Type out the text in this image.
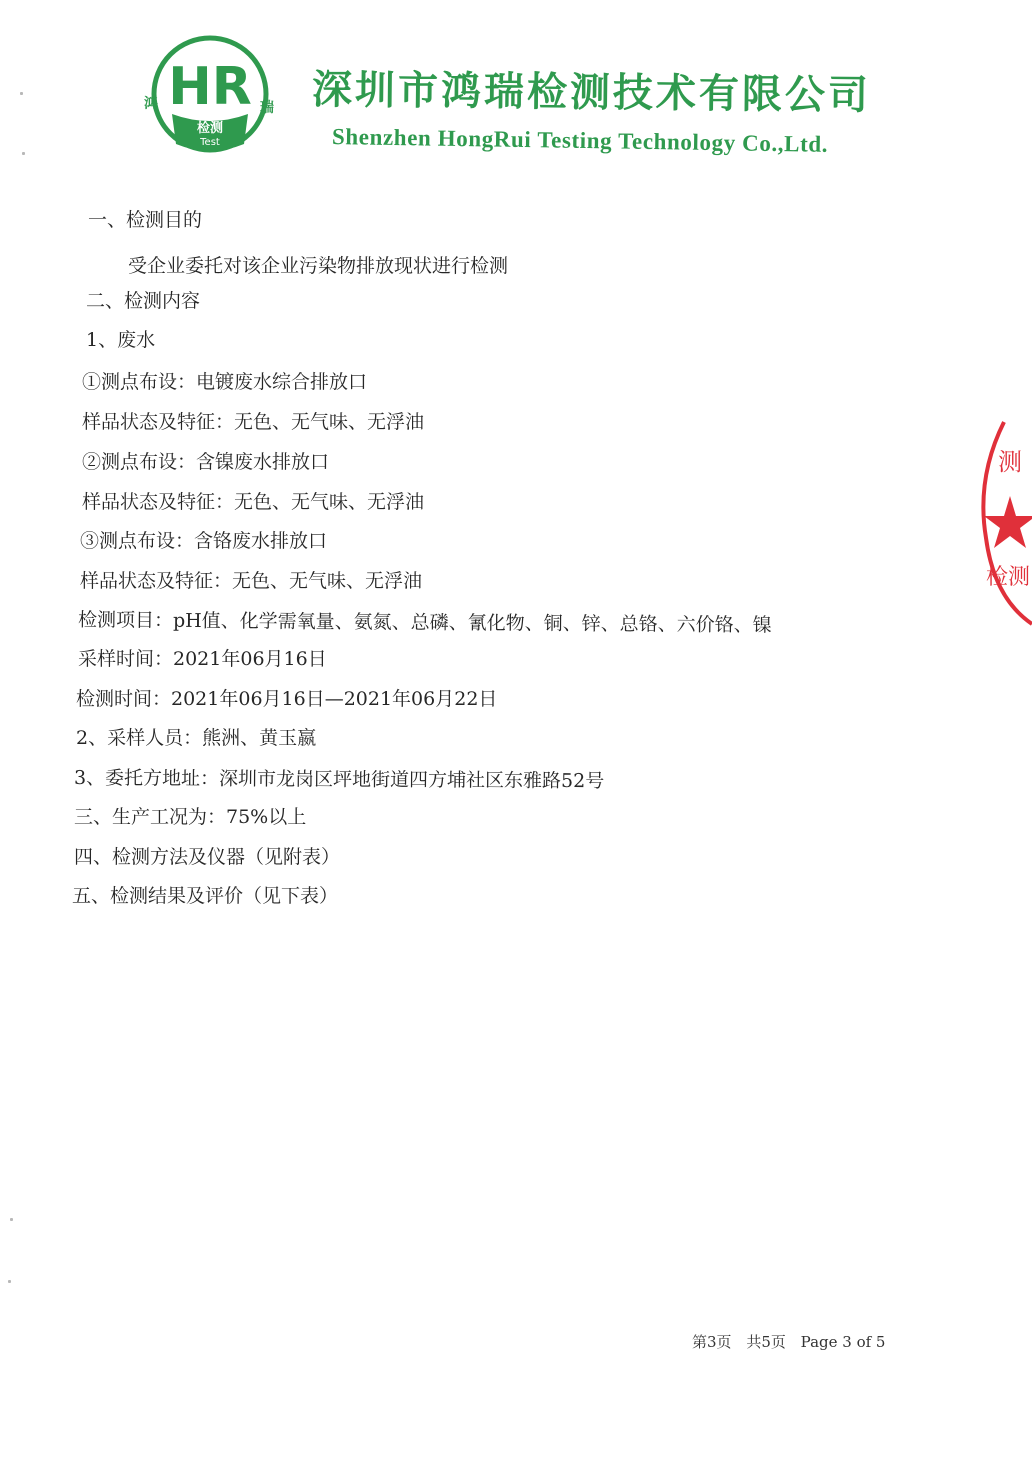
HR
检测
Test
鸿	瑞 深圳市鸿瑞检测技术有限公司
Shenzhen HongRui Testing Technology Co.,Ltd.
一、检测目的
受企业委托对该企业污染物排放现状进行检测
二、检测内容
1、废水
①测点布设：电镀废水综合排放口
样品状态及特征：无色、无气味、无浮油
②测点布设：含镍废水排放口
样品状态及特征：无色、无气味、无浮油
③测点布设：含铬废水排放口
样品状态及特征：无色、无气味、无浮油
检测项目：pH值、化学需氧量、氨氮、总磷、氰化物、铜、锌、总铬、六价铬、镍
采样时间：2021年06月16日
检测时间：2021年06月16日—2021年06月22日
2、采样人员：熊洲、黄玉嬴
3、委托方地址：深圳市龙岗区坪地街道四方埔社区东雅路52号
三、生产工况为：75%以上
四、检测方法及仪器（见附表）
五、检测结果及评价（见下表）
测
检测
第3页 共5页 Page 3 of 5
